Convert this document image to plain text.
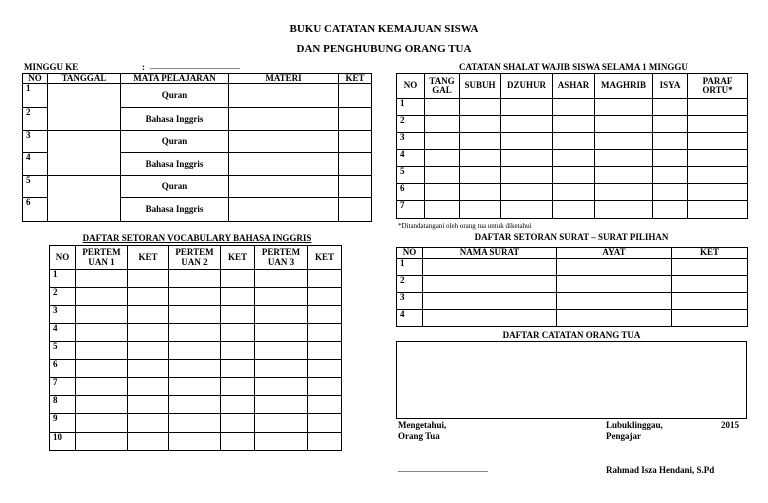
BUKU CATATAN KEMAJUAN SISWA
DAN PENGHUBUNG ORANG TUA
MINGGU KE	: ____________________
NO	TANGGAL	MATA PELAJARAN	MATERI	KET
1		Quran		
2		Bahasa Inggris		
3		Quran		
4		Bahasa Inggris		
5		Quran		
6		Bahasa Inggris		
CATATAN SHALAT WAJIB SISWA SELAMA 1 MINGGU
NO	TANG GAL	SUBUH	DZUHUR	ASHAR	MAGHRIB	ISYA	PARAF ORTU*
1							
2							
3							
4							
5							
6							
7							
*Ditandatangani oleh orang tua untuk diketahui
DAFTAR SETORAN VOCABULARY BAHASA INGGRIS
NO	PERTEM UAN 1	KET	PERTEM UAN 2	KET	PERTEM UAN 3	KET
1						
2						
3						
4						
5						
6						
7						
8						
9						
10						
DAFTAR SETORAN SURAT – SURAT PILIHAN
NO	NAMA SURAT	AYAT	KET
1			
2			
3			
4			
DAFTAR CATATAN ORANG TUA
Mengetahui,
Orang Tua
Lubuklinggau,	2015
Pengajar
____________________	Rahmad Isza Hendani, S.Pd
